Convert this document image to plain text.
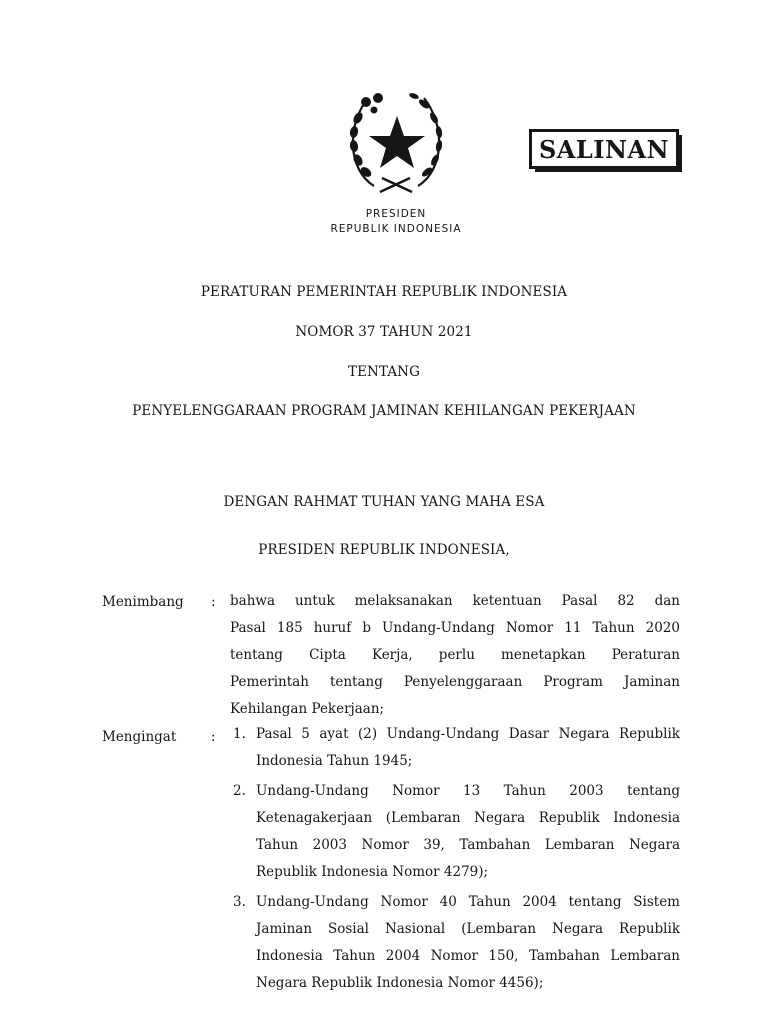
SALINAN
PRESIDEN
REPUBLIK INDONESIA
PERATURAN PEMERINTAH REPUBLIK INDONESIA
NOMOR 37 TAHUN 2021
TENTANG
PENYELENGGARAAN PROGRAM JAMINAN KEHILANGAN PEKERJAAN
DENGAN RAHMAT TUHAN YANG MAHA ESA
PRESIDEN REPUBLIK INDONESIA,
Menimbang : bahwa untuk melaksanakan ketentuan Pasal 82 dan
Pasal 185 huruf b Undang-Undang Nomor 11 Tahun 2020
tentang Cipta Kerja, perlu menetapkan Peraturan
Pemerintah tentang Penyelenggaraan Program Jaminan
Kehilangan Pekerjaan;
Mengingat	: 1. Pasal 5 ayat (2) Undang-Undang Dasar Negara Republik
Indonesia Tahun 1945;
2. Undang-Undang Nomor 13 Tahun 2003 tentang
Ketenagakerjaan (Lembaran Negara Republik Indonesia
Tahun 2003 Nomor 39, Tambahan Lembaran Negara
Republik Indonesia Nomor 4279);
3. Undang-Undang Nomor 40 Tahun 2004 tentang Sistem
Jaminan Sosial Nasional (Lembaran Negara Republik
Indonesia Tahun 2004 Nomor 150, Tambahan Lembaran
Negara Republik Indonesia Nomor 4456);
